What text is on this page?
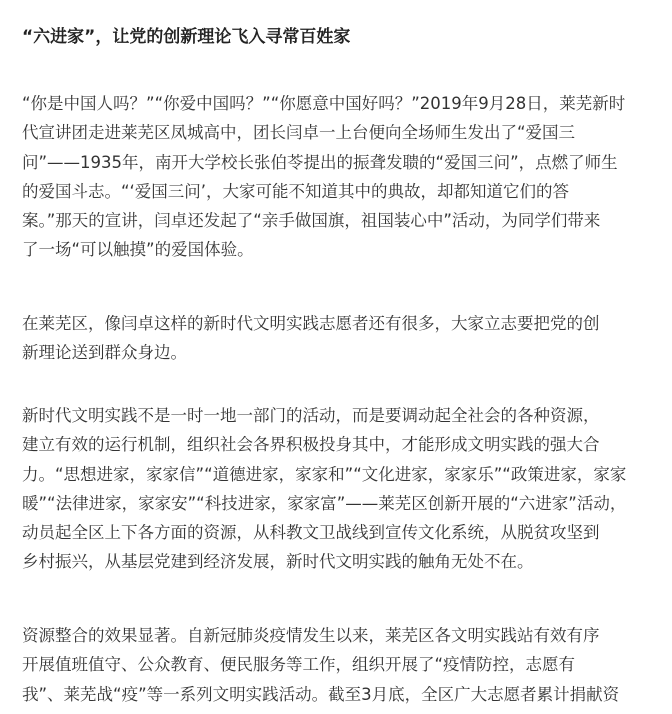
“六进家”，让党的创新理论飞入寻常百姓家
“你是中国人吗？”“你爱中国吗？”“你愿意中国好吗？”2019年9月28日，莱芜新时
代宣讲团走进莱芜区凤城高中，团长闫卓一上台便向全场师生发出了“爱国三
问”——1935年，南开大学校长张伯苓提出的振聋发聩的“爱国三问”，点燃了师生
的爱国斗志。“‘爱国三问’，大家可能不知道其中的典故，却都知道它们的答
案。”那天的宣讲，闫卓还发起了“亲手做国旗，祖国装心中”活动，为同学们带来
了一场“可以触摸”的爱国体验。
在莱芜区，像闫卓这样的新时代文明实践志愿者还有很多，大家立志要把党的创
新理论送到群众身边。
新时代文明实践不是一时一地一部门的活动，而是要调动起全社会的各种资源，
建立有效的运行机制，组织社会各界积极投身其中，才能形成文明实践的强大合
力。“思想进家，家家信”“道德进家，家家和”“文化进家，家家乐”“政策进家，家家
暖”“法律进家，家家安”“科技进家，家家富”——莱芜区创新开展的“六进家”活动，
动员起全区上下各方面的资源，从科教文卫战线到宣传文化系统，从脱贫攻坚到
乡村振兴，从基层党建到经济发展，新时代文明实践的触角无处不在。
资源整合的效果显著。自新冠肺炎疫情发生以来，莱芜区各文明实践站有效有序
开展值班值守、公众教育、便民服务等工作，组织开展了“疫情防控，志愿有
我”、莱芜战“疫”等一系列文明实践活动。截至3月底，全区广大志愿者累计捐献资
